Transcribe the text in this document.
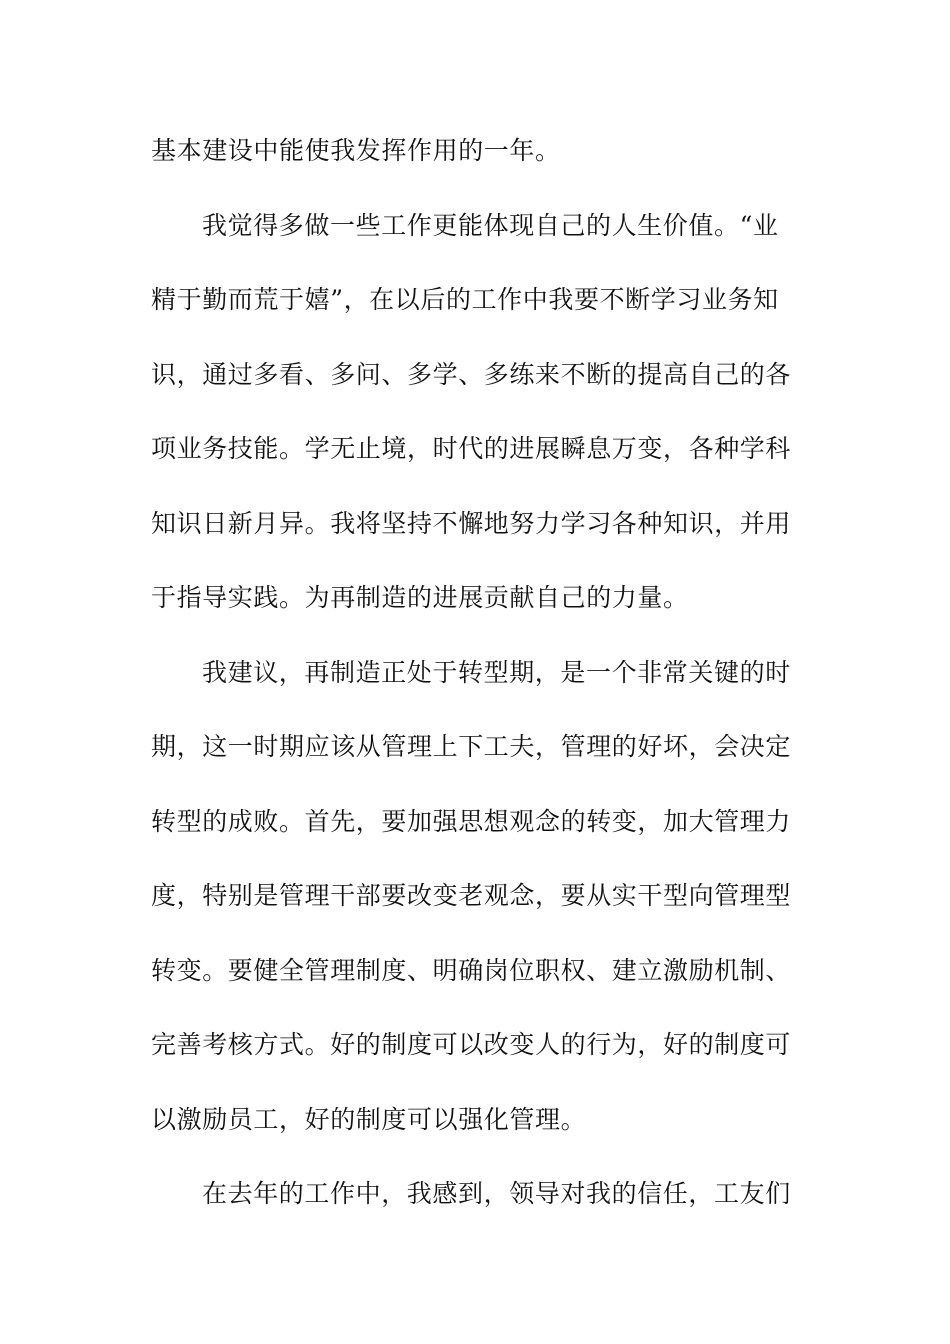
基本建设中能使我发挥作用的一年。
我觉得多做一些工作更能体现自己的人生价值。“业
精于勤而荒于嬉”，在以后的工作中我要不断学习业务知
识，通过多看、多问、多学、多练来不断的提高自己的各
项业务技能。学无止境，时代的进展瞬息万变，各种学科
知识日新月异。我将坚持不懈地努力学习各种知识，并用
于指导实践。为再制造的进展贡献自己的力量。
我建议，再制造正处于转型期，是一个非常关键的时
期，这一时期应该从管理上下工夫，管理的好坏，会决定
转型的成败。首先，要加强思想观念的转变，加大管理力
度，特别是管理干部要改变老观念，要从实干型向管理型
转变。要健全管理制度、明确岗位职权、建立激励机制、
完善考核方式。好的制度可以改变人的行为，好的制度可
以激励员工，好的制度可以强化管理。
在去年的工作中，我感到，领导对我的信任，工友们
